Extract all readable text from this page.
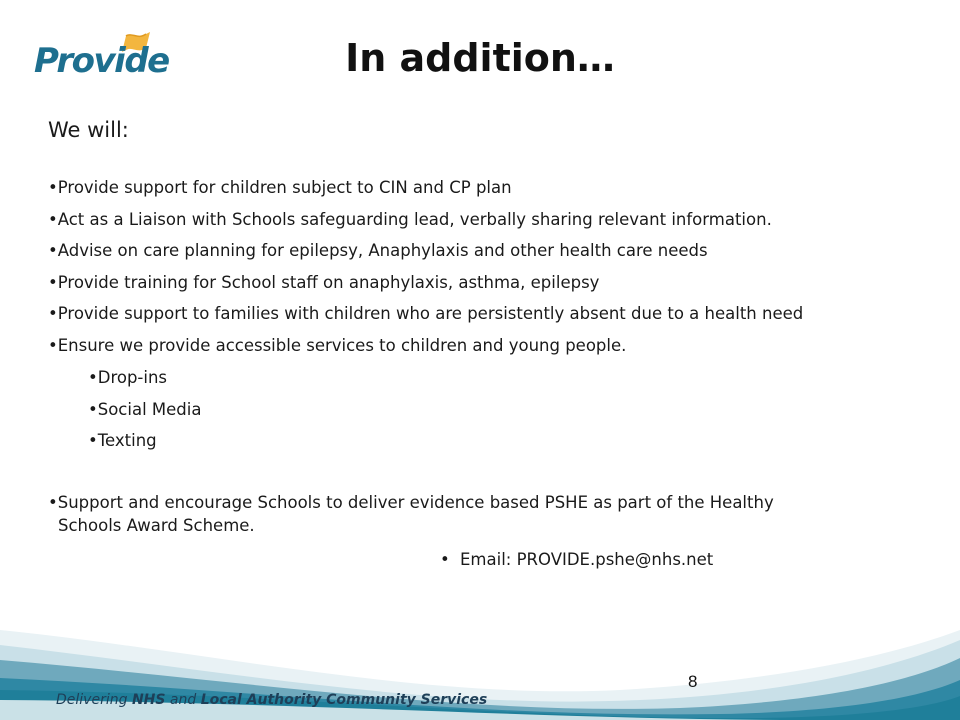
Provide	In addition…
We will:
• Provide support for children subject to CIN and CP plan
• Act as a Liaison with Schools safeguarding lead, verbally sharing relevant information.
• Advise on care planning for epilepsy, Anaphylaxis and other health care needs
• Provide training for School staff on anaphylaxis, asthma, epilepsy
• Provide support to families with children who are persistently absent due to a health need
• Ensure we provide accessible services to children and young people.
• Drop-ins
• Social Media
• Texting
•Support and encourage Schools to deliver evidence based PSHE as part of the Healthy
Schools Award Scheme.
• Email: PROVIDE.pshe@nhs.net
Delivering NHS and Local Authority Community Services
8
